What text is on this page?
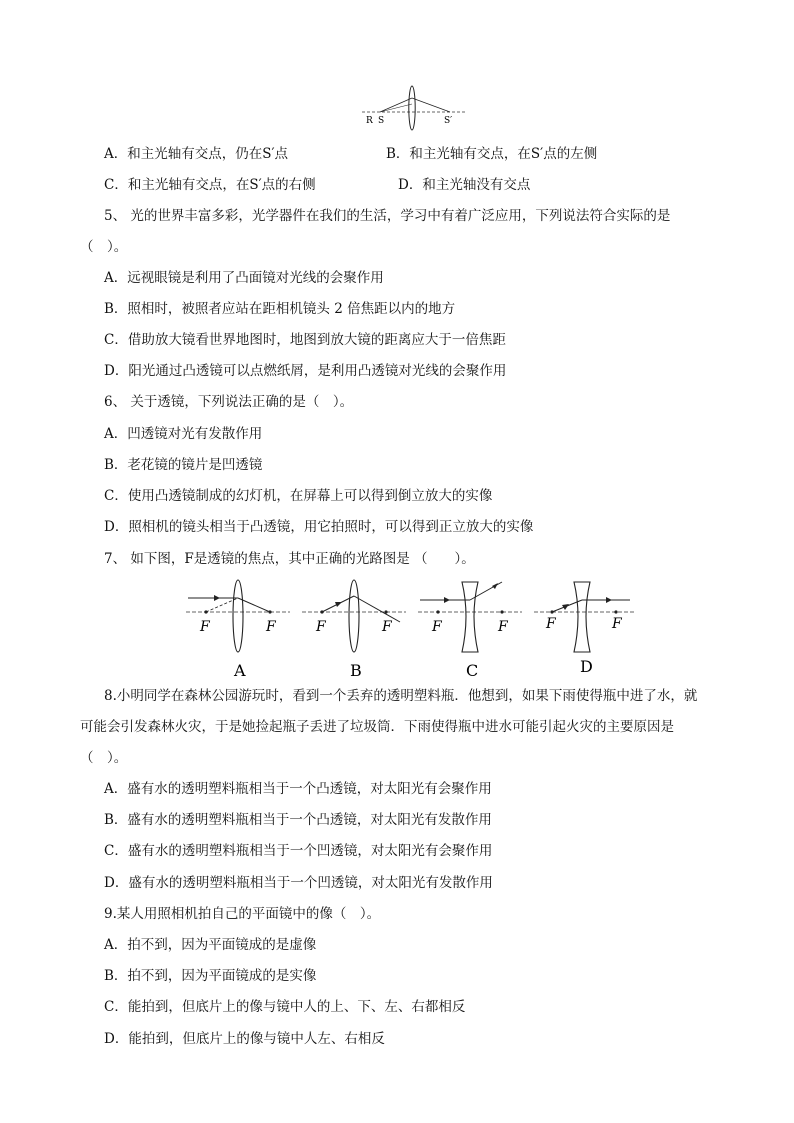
R S	S′
A．和主光轴有交点，仍在S′点	B．和主光轴有交点，在S′点的左侧
C．和主光轴有交点，在S′点的右侧	D．和主光轴没有交点
5、 光的世界丰富多彩，光学器件在我们的生活，学习中有着广泛应用，下列说法符合实际的是
（　）。
A．远视眼镜是利用了凸面镜对光线的会聚作用
B．照相时，被照者应站在距相机镜头 2 倍焦距以内的地方
C．借助放大镜看世界地图时，地图到放大镜的距离应大于一倍焦距
D．阳光通过凸透镜可以点燃纸屑，是利用凸透镜对光线的会聚作用
6、 关于透镜，下列说法正确的是（　）。
A．凹透镜对光有发散作用
B．老花镜的镜片是凹透镜
C．使用凸透镜制成的幻灯机，在屏幕上可以得到倒立放大的实像
D．照相机的镜头相当于凸透镜，用它拍照时，可以得到正立放大的实像
7、 如下图，F是透镜的焦点，其中正确的光路图是 （　　）。
F	F
A
F	F
B
F	F
C
F	F
D
8.小明同学在森林公园游玩时，看到一个丢弃的透明塑料瓶．他想到，如果下雨使得瓶中进了水，就
可能会引发森林火灾，于是她捡起瓶子丢进了垃圾筒．下雨使得瓶中进水可能引起火灾的主要原因是
（　）。
A．盛有水的透明塑料瓶相当于一个凸透镜，对太阳光有会聚作用
B．盛有水的透明塑料瓶相当于一个凸透镜，对太阳光有发散作用
C．盛有水的透明塑料瓶相当于一个凹透镜，对太阳光有会聚作用
D．盛有水的透明塑料瓶相当于一个凹透镜，对太阳光有发散作用
9.某人用照相机拍自己的平面镜中的像（　）。
A．拍不到，因为平面镜成的是虚像
B．拍不到，因为平面镜成的是实像
C．能拍到，但底片上的像与镜中人的上、下、左、右都相反
D．能拍到，但底片上的像与镜中人左、右相反
